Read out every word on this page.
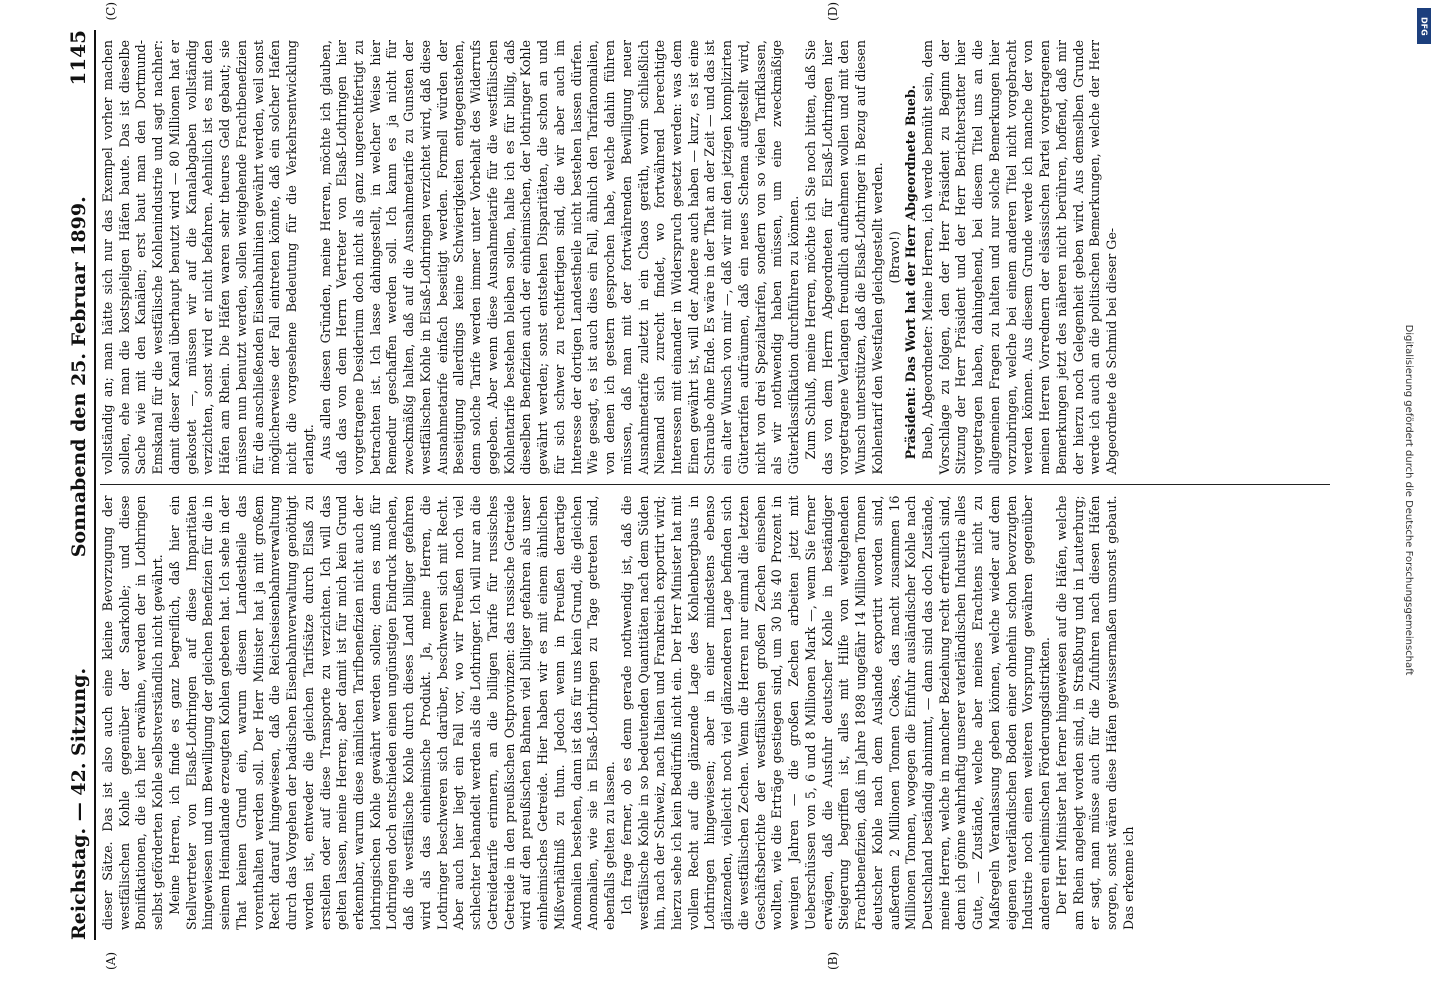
Reichstag. — 42. Sitzung.
Sonnabend den 25. Februar 1899.
1145
(A)	(B)
(C)	(D)

dieser Sätze. Das ist also auch eine kleine Bevorzugung der westfälischen Kohle gegenüber der Saarkohle; und diese Bonifikationen, die ich hier erwähne, werden der in Lothringen selbst geförderten Kohle selbstverständlich nicht gewährt. Meine Herren, ich finde es ganz begreiflich, daß hier ein Stellvertreter von Elsaß-Lothringen auf diese Imparitäten hingewiesen und um Bewilligung der gleichen Benefizien für die in seinem Heimatlande erzeugten Kohlen gebeten hat. Ich sehe in der That keinen Grund ein, warum diesem Landestheile das vorenthalten werden soll. Der Herr Minister hat ja mit großem Recht darauf hingewiesen, daß die Reichseisenbahnverwaltung durch das Vorgehen der badischen Eisenbahnverwaltung genöthigt worden ist, entweder die gleichen Tarifsätze durch Elsaß zu erstellen oder auf diese Transporte zu verzichten. Ich will das gelten lassen, meine Herren; aber damit ist für mich kein Grund erkennbar, warum diese nämlichen Tarifbenefizien nicht auch der lothringischen Kohle gewährt werden sollen; denn es muß für Lothringen doch entschieden einen ungünstigen Eindruck machen, daß die westfälische Kohle durch dieses Land billiger gefahren wird als das einheimische Produkt. Ja, meine Herren, die Lothringer beschweren sich darüber, beschweren sich mit Recht. Aber auch hier liegt ein Fall vor, wo wir Preußen noch viel schlechter behandelt werden als die Lothringer. Ich will nur an die Getreidetarife erinnern, an die billigen Tarife für russisches Getreide in den preußischen Ostprovinzen: das russische Getreide wird auf den preußischen Bahnen viel billiger gefahren als unser einheimisches Getreide. Hier haben wir es mit einem ähnlichen Mißverhältniß zu thun. Jedoch wenn in Preußen derartige Anomalien bestehen, dann ist das für uns kein Grund, die gleichen Anomalien, wie sie in Elsaß-Lothringen zu Tage getreten sind, ebenfalls gelten zu lassen. Ich frage ferner, ob es denn gerade nothwendig ist, daß die westfälische Kohle in so bedeutenden Quantitäten nach dem Süden hin, nach der Schweiz, nach Italien und Frankreich exportirt wird; hierzu sehe ich kein Bedürfniß nicht ein. Der Herr Minister hat mit vollem Recht auf die glänzende Lage des Kohlenbergbaus in Lothringen hingewiesen; aber in einer mindestens ebenso glänzenden, vielleicht noch viel glänzenderen Lage befinden sich die westfälischen Zechen. Wenn die Herren nur einmal die letzten Geschäftsberichte der westfälischen großen Zechen einsehen wollten, wie die Erträge gestiegen sind, um 30 bis 40 Prozent in wenigen Jahren — die großen Zechen arbeiten jetzt mit Ueberschüssen von 5, 6 und 8 Millionen Mark —, wenn Sie ferner erwägen, daß die Ausfuhr deutscher Kohle in beständiger Steigerung begriffen ist, alles mit Hilfe von weitgehenden Frachtbenefizien, daß im Jahre 1898 ungefähr 14 Millionen Tonnen deutscher Kohle nach dem Auslande exportirt worden sind, außerdem 2 Millionen Tonnen Cokes, das macht zusammen 16 Millionen Tonnen, wogegen die Einfuhr ausländischer Kohle nach Deutschland beständig abnimmt, — dann sind das doch Zustände, meine Herren, welche in mancher Beziehung recht erfreulich sind, denn ich gönne wahrhaftig unserer vaterländischen Industrie alles Gute, — Zustände, welche aber meines Erachtens nicht zu Maßregeln Veranlassung geben können, welche wieder auf dem eigenen vaterländischen Boden einer ohnehin schon bevorzugten Industrie noch einen weiteren Vorsprung gewähren gegenüber anderen einheimischen Förderungsdistrikten. Der Herr Minister hat ferner hingewiesen auf die Häfen, welche am Rhein angelegt worden sind, in Straßburg und in Lauterburg; er sagt, man müsse auch für die Zufuhren nach diesen Häfen sorgen, sonst wären diese Häfen gewissermaßen umsonst gebaut. Das erkenne ich

vollständig an; man hätte sich nur das Exempel vorher machen sollen, ehe man die kostspieligen Häfen baute. Das ist dieselbe Sache wie mit den Kanälen; erst baut man den Dortmund-Emskanal für die westfälische Kohlenindustrie und sagt nachher: damit dieser Kanal überhaupt benutzt wird — 80 Millionen hat er gekostet —, müssen wir auf die Kanalabgaben vollständig verzichten, sonst wird er nicht befahren. Aehnlich ist es mit den Häfen am Rhein. Die Häfen waren sehr theures Geld gebaut; sie müssen nun benutzt werden, sollen weitgehende Frachtbenefizien für die anschließenden Eisenbahnlinien gewährt werden, weil sonst möglicherweise der Fall eintreten könnte, daß ein solcher Hafen nicht die vorgesehene Bedeutung für die Verkehrsentwicklung erlangt. Aus allen diesen Gründen, meine Herren, möchte ich glauben, daß das von dem Herrn Vertreter von Elsaß-Lothringen hier vorgetragene Desiderium doch nicht als ganz ungerechtfertigt zu betrachten ist. Ich lasse dahingestellt, in welcher Weise hier Remedur geschaffen werden soll. Ich kann es ja nicht für zweckmäßig halten, daß auf die Ausnahmetarife zu Gunsten der westfälischen Kohle in Elsaß-Lothringen verzichtet wird, daß diese Ausnahmetarife einfach beseitigt werden. Formell würden der Beseitigung allerdings keine Schwierigkeiten entgegenstehen, denn solche Tarife werden immer unter Vorbehalt des Widerrufs gegeben. Aber wenn diese Ausnahmetarife für die westfälischen Kohlentarife bestehen bleiben sollen, halte ich es für billig, daß dieselben Benefizien auch der einheimischen, der lothringer Kohle gewährt werden; sonst entstehen Disparitäten, die schon an und für sich schwer zu rechtfertigen sind, die wir aber auch im Interesse der dortigen Landestheile nicht bestehen lassen dürfen. Wie gesagt, es ist auch dies ein Fall, ähnlich den Tarifanomalien, von denen ich gestern gesprochen habe, welche dahin führen müssen, daß man mit der fortwährenden Bewilligung neuer Ausnahmetarife zuletzt in ein Chaos geräth, worin schließlich Niemand sich zurecht findet, wo fortwährend berechtigte Interessen mit einander in Widerspruch gesetzt werden: was dem Einen gewährt ist, will der Andere auch haben — kurz, es ist eine Schraube ohne Ende. Es wäre in der That an der Zeit — und das ist ein alter Wunsch von mir —, daß wir mit den jetzigen komplizirten Gütertarifen aufräumen, daß ein neues Schema aufgestellt wird, nicht von drei Spezialtarifen, sondern von so vielen Tarifklassen, als wir nothwendig haben müssen, um eine zweckmäßige Güterklassifikation durchführen zu können. Zum Schluß, meine Herren, möchte ich Sie noch bitten, daß Sie das von dem Herrn Abgeordneten für Elsaß-Lothringen hier vorgetragene Verlangen freundlich aufnehmen wollen und mit den Wunsch unterstützen, daß die Elsaß-Lothringer in Bezug auf diesen Kohlentarif den Westfalen gleichgestellt werden. (Bravo!) Präsident: Das Wort hat der Herr Abgeordnete Bueb. Bueb, Abgeordneter: Meine Herren, ich werde bemüht sein, dem Vorschlage zu folgen, den der Herr Präsident zu Beginn der Sitzung der Herr Präsident und der Herr Berichterstatter hier vorgetragen haben, dahingehend, bei diesem Titel uns an die allgemeinen Fragen zu halten und nur solche Bemerkungen hier vorzubringen, welche bei einem anderen Titel nicht vorgebracht werden können. Aus diesem Grunde werde ich manche der von meinen Herren Vorrednern der elsässischen Partei vorgetragenen Bemerkungen jetzt des näheren nicht berühren, hoffend, daß mir der hierzu noch Gelegenheit geben wird. Aus demselben Grunde werde ich auch an die politischen Bemerkungen, welche der Herr Abgeordnete de Schmid bei dieser Ge-

DFG
Digitalisierung gefördert durch die Deutsche Forschungsgemeinschaft
